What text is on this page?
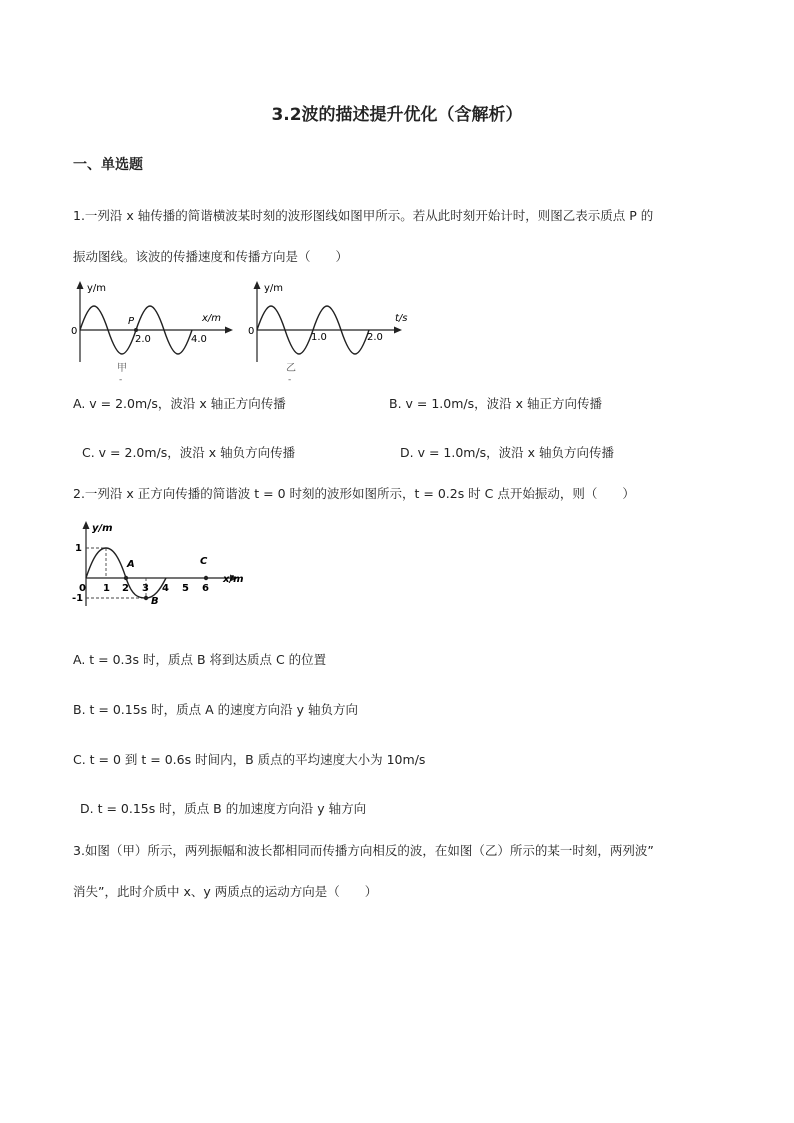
3.2波的描述提升优化（含解析）
一、单选题
1.一列沿 x 轴传播的简谐横波某时刻的波形图线如图甲所示。若从此时刻开始计时，则图乙表示质点 P 的
振动图线。该波的传播速度和传播方向是（　　）
y/m
x/m
0
P
2.0	4.0
甲
-
y/m
t/s
0
1.0	2.0
乙
-
A. v = 2.0m/s，波沿 x 轴正方向传播	B. v = 1.0m/s，波沿 x 轴正方向传播
C. v = 2.0m/s，波沿 x 轴负方向传播	D. v = 1.0m/s，波沿 x 轴负方向传播
2.一列沿 x 正方向传播的简谐波 t = 0 时刻的波形如图所示，t = 0.2s 时 C 点开始振动，则（　　）
y/m
x/m
1
-1
0 1 2 3 4 5 6
A
B
C
A. t = 0.3s 时，质点 B 将到达质点 C 的位置
B. t = 0.15s 时，质点 A 的速度方向沿 y 轴负方向
C. t = 0 到 t = 0.6s 时间内，B 质点的平均速度大小为 10m/s
D. t = 0.15s 时，质点 B 的加速度方向沿 y 轴方向
3.如图（甲）所示，两列振幅和波长都相同而传播方向相反的波，在如图（乙）所示的某一时刻，两列波”
消失”，此时介质中 x、y 两质点的运动方向是（　　）
